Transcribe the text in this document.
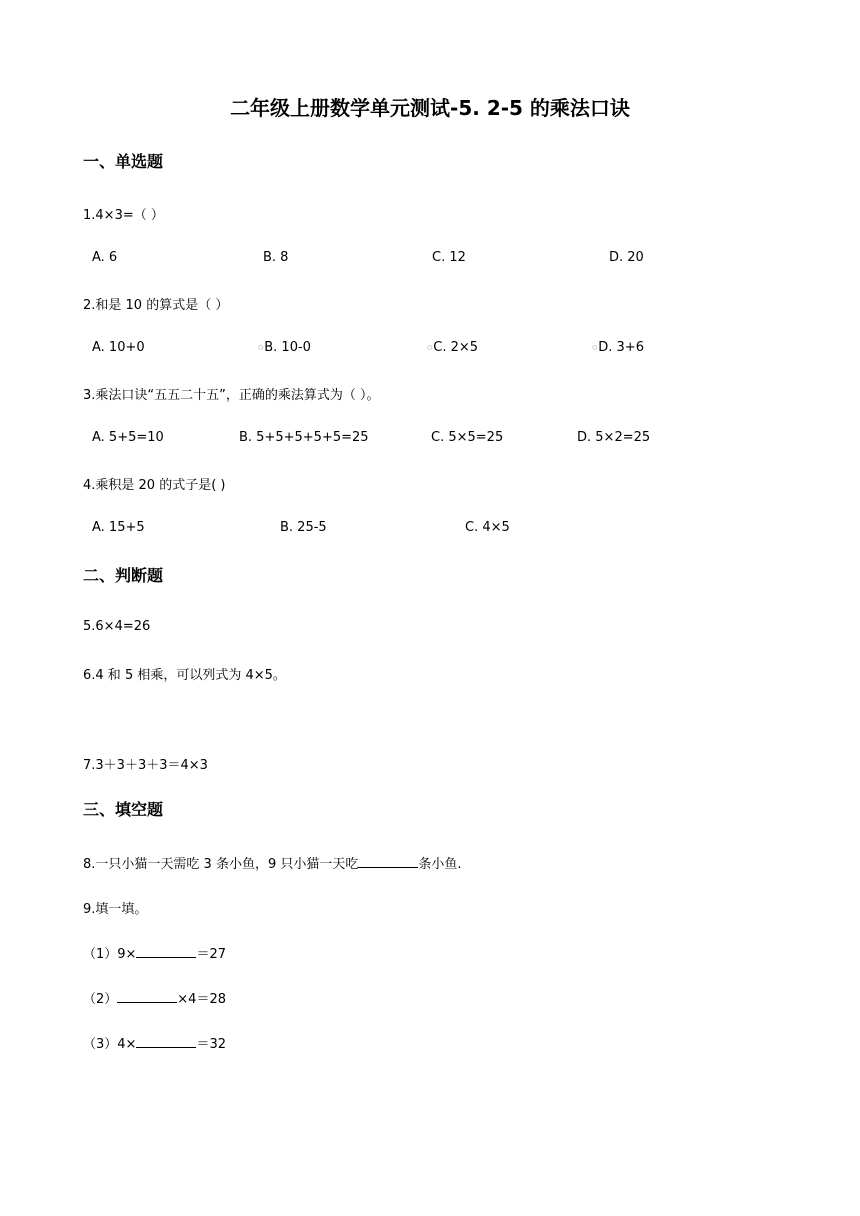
二年级上册数学单元测试-5. 2-5 的乘法口诀
一、单选题
1.4×3=（ ）
A. 6	B. 8	C. 12	D. 20
2.和是 10 的算式是（ ）
A. 10+0	○B. 10-0	○C. 2×5	○D. 3+6
3.乘法口诀“五五二十五”，正确的乘法算式为（ ）。
A. 5+5=10	B. 5+5+5+5+5=25	C. 5×5=25	D. 5×2=25
4.乘积是 20 的式子是( )
A. 15+5	B. 25-5	C. 4×5
二、判断题
5.6×4=26
6.4 和 5 相乘，可以列式为 4×5。
7.3＋3＋3＋3＝4×3
三、填空题
8.一只小猫一天需吃 3 条小鱼，9 只小猫一天吃	条小鱼.
9.填一填。
（1）9×	＝27
（2）	×4＝28
（3）4×	＝32
